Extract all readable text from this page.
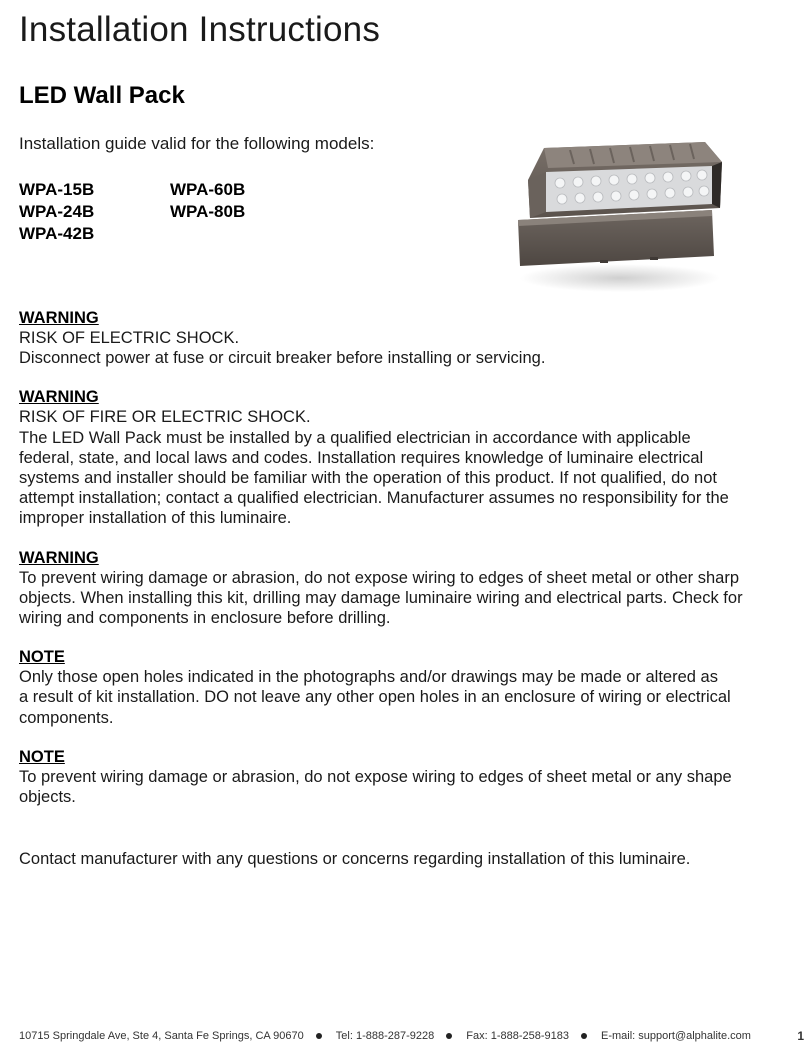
Installation Instructions
LED Wall Pack
Installation guide valid for the following models:
WPA-15B	WPA-60B
WPA-24B	WPA-80B
WPA-42B
WARNING
RISK OF ELECTRIC SHOCK.
Disconnect power at fuse or circuit breaker before installing or servicing.
WARNING
RISK OF FIRE OR ELECTRIC SHOCK.
The LED Wall Pack must be installed by a qualified electrician in accordance with applicable
federal, state, and local laws and codes. Installation requires knowledge of luminaire electrical
systems and installer should be familiar with the operation of this product. If not qualified, do not
attempt installation; contact a qualified electrician. Manufacturer assumes no responsibility for the
improper installation of this luminaire.
WARNING
To prevent wiring damage or abrasion, do not expose wiring to edges of sheet metal or other sharp
objects. When installing this kit, drilling may damage luminaire wiring and electrical parts. Check for
wiring and components in enclosure before drilling.
NOTE
Only those open holes indicated in the photographs and/or drawings may be made or altered as
a result of kit installation. DO not leave any other open holes in an enclosure of wiring or electrical
components.
NOTE
To prevent wiring damage or abrasion, do not expose wiring to edges of sheet metal or any shape
objects.
Contact manufacturer with any questions or concerns regarding installation of this luminaire.
10715 Springdale Ave, Ste 4, Santa Fe Springs, CA 90670	Tel: 1-888-287-9228	Fax: 1-888-258-9183	E-mail: support@alphalite.com	1
